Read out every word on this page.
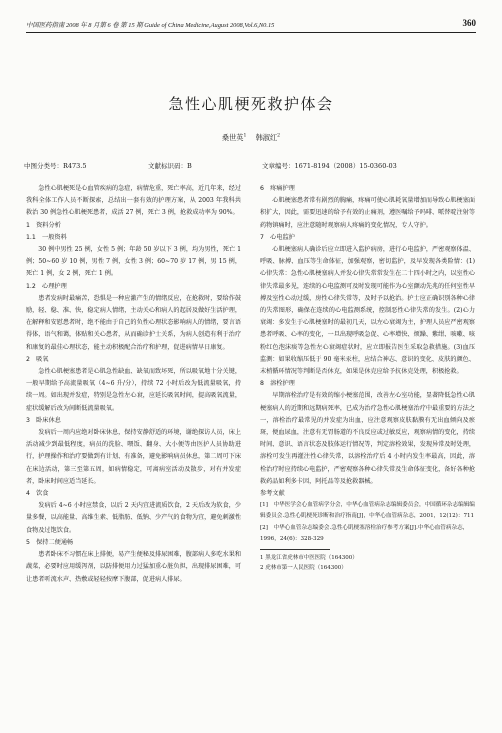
中国医药指南 2008 年 8 月第 6 卷 第 15 期 Guide of China Medicine,August 2008,Vol.6,N0.15	360
急性心肌梗死救护体会
桑世英$^1$ 韩淑红$^2$
中图分类号：R473.5	文献标识码：B	文章编号：1671-8194（2008）15-0360-03

急性心肌梗死是心血管疾病的急症，病情危重，死亡率高，近几年来，经过我科全体工作人员不断探索，总结出一套有效的护理方案，从 2003 年我科共救治 30 例急性心肌梗死患者，成活 27 例，死亡 3 例，抢救成功率为 90%。

1　资料分析

1.1　一般资料

30 例中男性 25 例，女性 5 例；年龄 50 岁以下 3 例，均为男性，死亡 1 例；50~60 岁 10 例，男性 7 例，女性 3 例；60~70 岁 17 例，男 15 例，死亡 1 例，女 2 例，死亡 1 例。

1.2　心理护理

患者发病时最痛苦，恐惧是一种应激产生的情绪反应，在抢救时，要给作鼓励，轻、稳、准、快，稳定病人情绪，主动关心和病人的起居及做好生活护理，在解释和安慰患者时，绝不能由于自己的负性心理状态影响病人的情绪，要言语得体，语气和蔼，体贴和关心患者，从而确诊护士关系，为病人创造有利于治疗和康复的最佳心理状态，能主动积极配合治疗和护理，促进病情早日康复。

2　吸氧

急性心肌梗塞患者是心肌急性缺血、缺氧而致坏死，所以吸氧地十分关键，一般早期给予高流量吸氧（4~6 升/分），持续 72 小时后改为低流量吸氧，持续一周。如出现并发症，特别是急性左心衰，应延长吸氧时间，提高吸氧流量，症状缓解后改为间断低流量吸氧。

3　卧床休息

发病后一周内应绝对卧床休息，保持安静舒适的环境，谢绝探访人员，床上活动减少到最低程度，病员的洗脸、喂饭、翻身、大小便等由医护人员协助进行，护理操作和治疗要做到有计划、有准备，避免影响病员休息，第二周可下床在床边活动，第三至第五周，如病情稳定，可离病室活动及散步，对有并发症者，卧床时间应适当延长。

4　饮食

发病后 4~6 小时应禁食，以后 2 天内宜进流质饮食，2 天后改为软食，少量多餐，以高能量、高维生素、低脂肪、低钠、少产气的食物为宜，避免刺激性食物及过饱饮食。

5　保持二便通畅

患者卧床不习惯在床上排便，易产生便秘及排尿困难，腹部病人多吃水果和蔬菜，必要时应用缓泻剂，以防排便用力过猛加重心脏负担，出现排尿困难，可让患者听流水声、热敷或轻轻按摩下腹部，促进病人排尿。

6　疼痛护理

心肌梗塞患者常有剧烈的胸痛，疼痛可使心肌耗氧量增加而导致心肌梗塞面积扩大，因此，需要迅速的给予有效的止痛剂，遵医嘱给予吗啡、哌替啶注射等药物镇痛时，应注意随时观察病人疼痛的变化情况，专人守护。

7　心电监护

心肌梗塞病人确诊后应立即进入监护病房，进行心电监护，严密观察体温、呼吸、脉搏、血压等生命体征，加强观察，密切监护，及早发现各类险情：(1)心律失常：急性心肌梗塞病人并发心律失常常发生在二十四小时之内，以室性心律失常最多见，连续的心电监测可及时发现可能作为心室颤动先兆的任何室性早搏及室性心动过缓，房性心律失常等，及时予以抢治。护士应正确识别各种心律的失常图形，确保在连续的心电监测系统，控制恶性心律失常的发生。(2)心力衰竭：多发生于心肌梗塞时的最初几天，以左心衰竭为主，护理人员应严密观察患者呼吸、心率的变化，一旦出现呼吸急促、心率增快、烦躁、紫绀、咳嗽、咳粉红色泡沫痰等急性左心衰竭症状时，应立即报告医生采取急救措施。(3)血压监测：如果收缩压低于 90 毫米汞柱，应结合神志、意识的变化、皮肤的颜色、末梢循环情况等判断是否休克，如果是休克应给予抗休克处理，积极抢救。

8　溶栓护理

早期溶栓治疗是有效的缩小梗塞范围，改善左心室功能，显著降低急性心肌梗塞病人的近期和远期病死率，已成为治疗急性心肌梗塞治疗中最重要的方法之一，溶栓治疗最常见的并发症为出血，应注意观察皮肤黏膜有无出血倾向及瘀斑，便血尿血，注意有无胃肠道的不良反应或过敏反应，观察病情的变化，持续时间、意识、语言状态及肢体运行情况等，判定溶栓效果，发现异常及时处理，溶栓可发生再灌注性心律失常，以溶栓治疗后 4 小时内发生率最高，因此，溶栓治疗时应持续心电监护，严密观察各种心律失常及生命体征变化，备好各种抢救药品如利多卡因，阿托品等及抢救器械。

参考文献

[1]　中华医学会心血管病学分会，中华心血管病杂志编辑委员会，中国循环杂志编辑编辑委员会.急性心肌梗死诊断和治疗指南[J]，中华心血管病杂志，2001，12(12)：711

[2]　中华心血管杂志编委会.急性心肌梗塞溶栓治疗参考方案[J].中华心血管病杂志，1996，24(6)：328-329

1 黑龙江省虎林市中医医院（164300）

2 虎林市第一人民医院（164300）
